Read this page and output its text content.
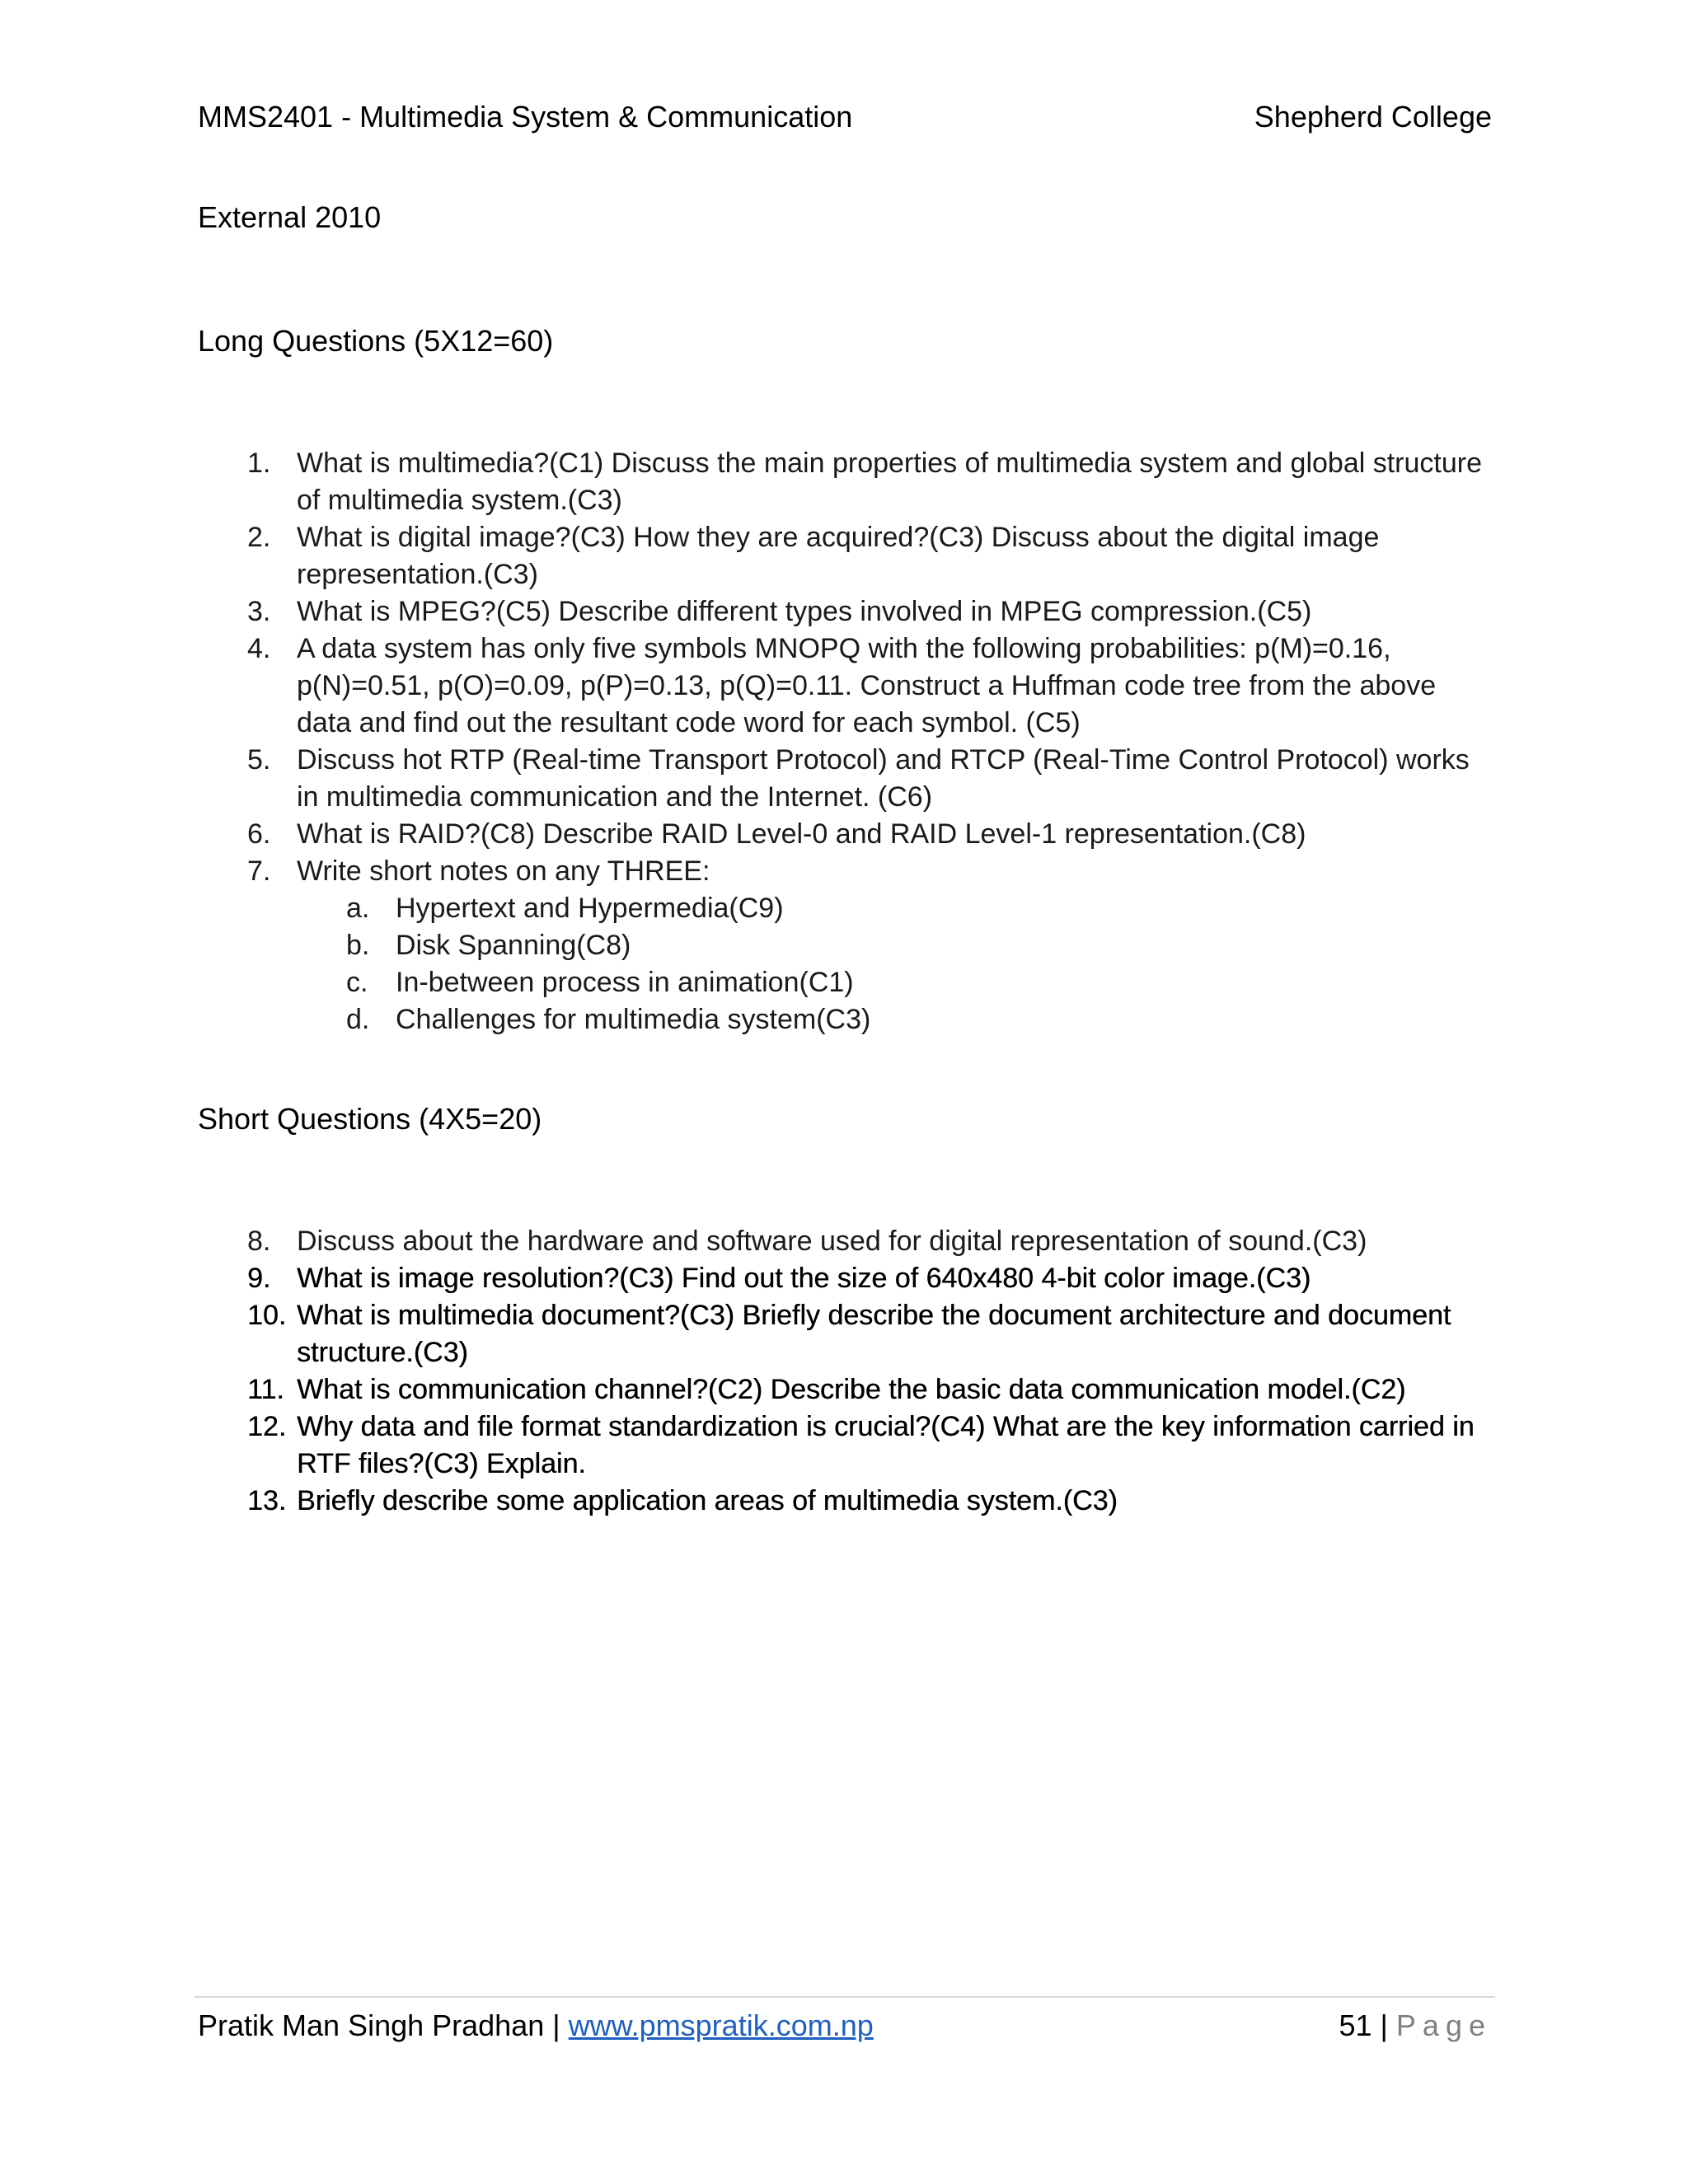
MMS2401 - Multimedia System & Communication	Shepherd College
External 2010
Long Questions (5X12=60)
1. What is multimedia?(C1) Discuss the main properties of multimedia system and global structure of multimedia system.(C3)
2. What is digital image?(C3) How they are acquired?(C3) Discuss about the digital image representation.(C3)
3. What is MPEG?(C5) Describe different types involved in MPEG compression.(C5)
4. A data system has only five symbols MNOPQ with the following probabilities: p(M)=0.16, p(N)=0.51, p(O)=0.09, p(P)=0.13, p(Q)=0.11. Construct a Huffman code tree from the above data and find out the resultant code word for each symbol. (C5)
5. Discuss hot RTP (Real-time Transport Protocol) and RTCP (Real-Time Control Protocol) works in multimedia communication and the Internet. (C6)
6. What is RAID?(C8) Describe RAID Level-0 and RAID Level-1 representation.(C8)
7. Write short notes on any THREE:
a. Hypertext and Hypermedia(C9)
b. Disk Spanning(C8)
c. In-between process in animation(C1)
d. Challenges for multimedia system(C3)
Short Questions (4X5=20)
8. Discuss about the hardware and software used for digital representation of sound.(C3)
9. What is image resolution?(C3) Find out the size of 640x480 4-bit color image.(C3)
10. What is multimedia document?(C3) Briefly describe the document architecture and document structure.(C3)
11. What is communication channel?(C2) Describe the basic data communication model.(C2)
12. Why data and file format standardization is crucial?(C4) What are the key information carried in RTF files?(C3) Explain.
13. Briefly describe some application areas of multimedia system.(C3)
Pratik Man Singh Pradhan | www.pmspratik.com.np	51 | Page
